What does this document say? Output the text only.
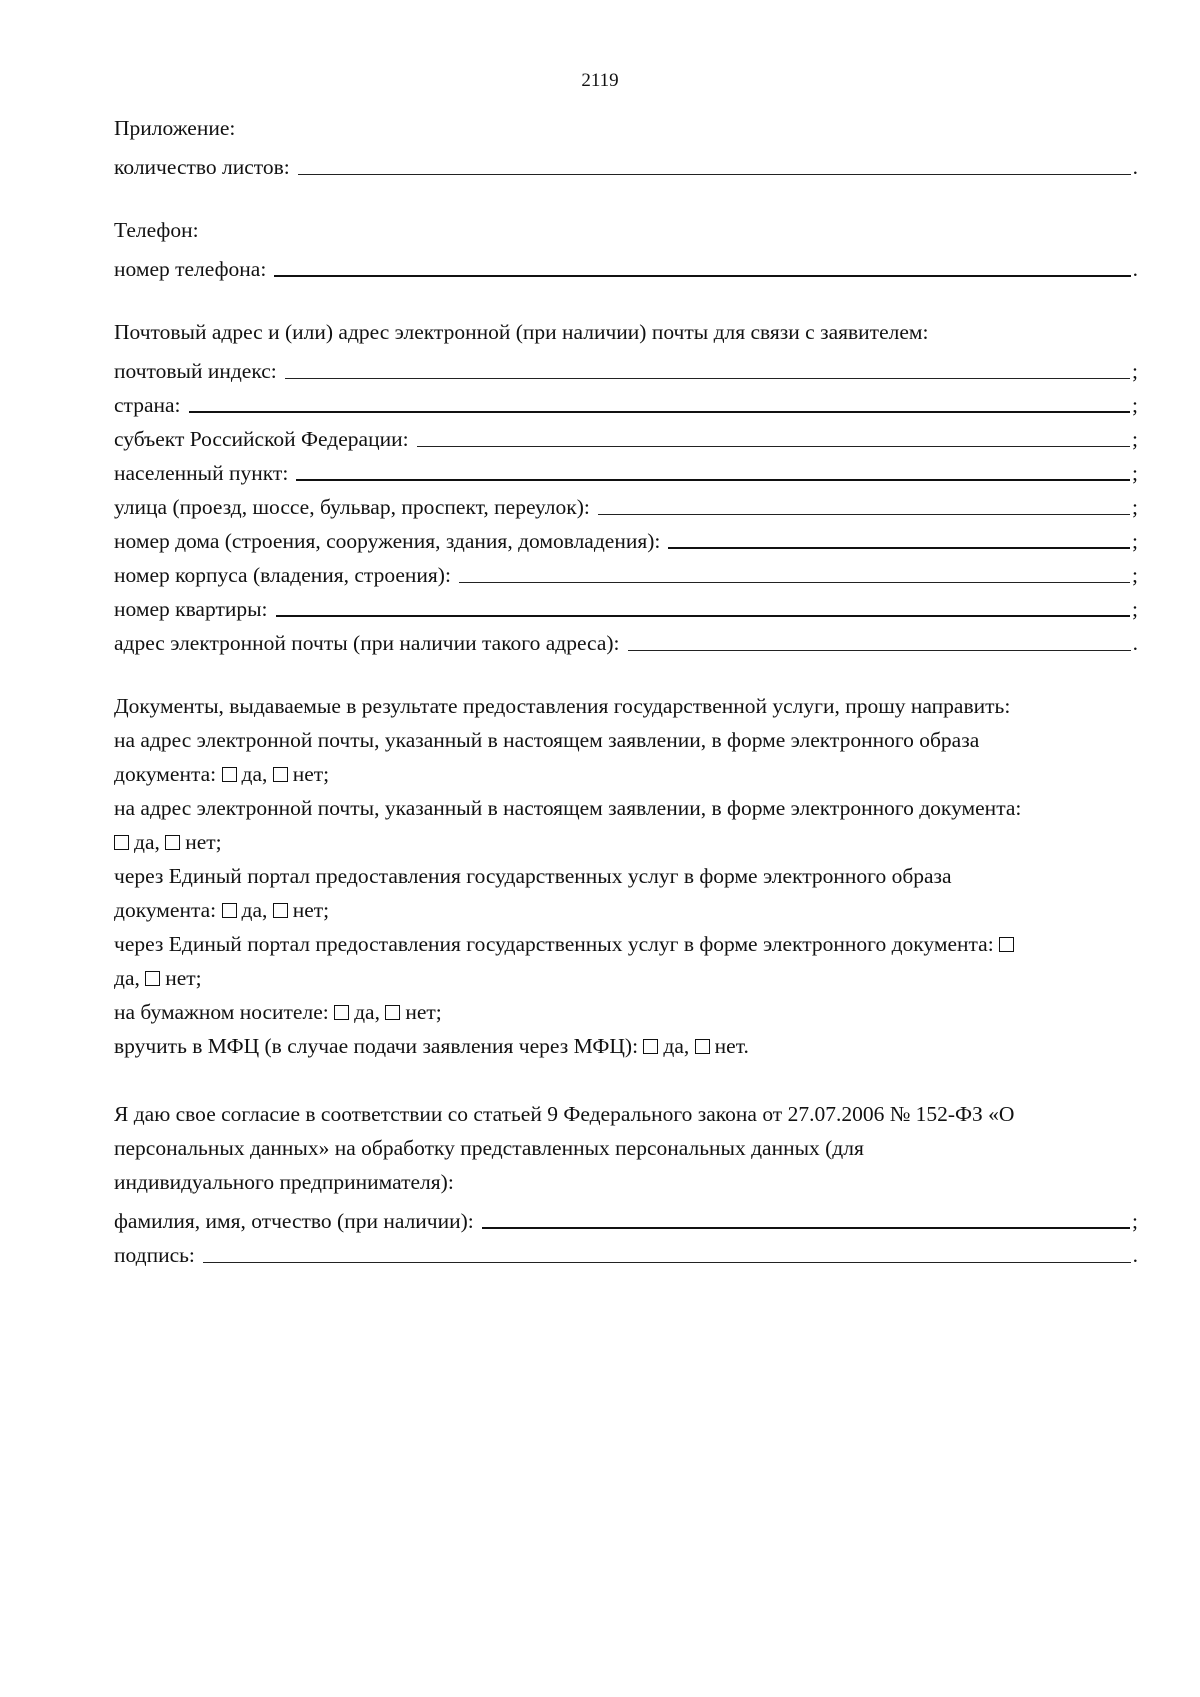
2119
Приложение:
количество листов:	.
Телефон:
номер телефона:	.
Почтовый адрес и (или) адрес электронной (при наличии) почты для связи с заявителем:
почтовый индекс:	;
страна:	;
субъект Российской Федерации:	;
населенный пункт:	;
улица (проезд, шоссе, бульвар, проспект, переулок):	;
номер дома (строения, сооружения, здания, домовладения):	;
номер корпуса (владения, строения):	;
номер квартиры:	;
адрес электронной почты (при наличии такого адреса):	.
Документы, выдаваемые в результате предоставления государственной услуги, прошу направить:
на адрес электронной почты, указанный в настоящем заявлении, в форме электронного образа
документа: да, нет;
на адрес электронной почты, указанный в настоящем заявлении, в форме электронного документа:
да, нет;
через Единый портал предоставления государственных услуг в форме электронного образа
документа: да, нет;
через Единый портал предоставления государственных услуг в форме электронного документа:
да, нет;
на бумажном носителе: да, нет;
вручить в МФЦ (в случае подачи заявления через МФЦ): да, нет.
Я даю свое согласие в соответствии со статьей 9 Федерального закона от 27.07.2006 № 152-ФЗ «О
персональных данных» на обработку представленных персональных данных (для
индивидуального предпринимателя):
фамилия, имя, отчество (при наличии):	;
подпись:	.
